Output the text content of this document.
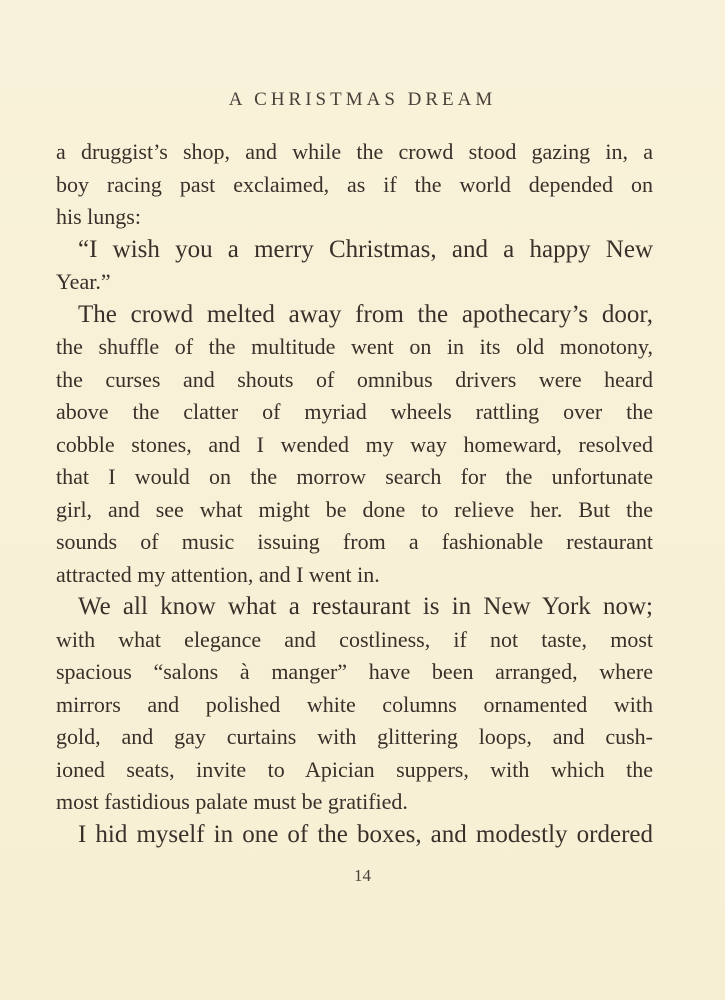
A CHRISTMAS DREAM
a druggist’s shop, and while the crowd stood gazing in, a
boy racing past exclaimed, as if the world depended on
his lungs:
“I wish you a merry Christmas, and a happy New
Year.”
The crowd melted away from the apothecary’s door,
the shuffle of the multitude went on in its old monotony,
the curses and shouts of omnibus drivers were heard
above the clatter of myriad wheels rattling over the
cobble stones, and I wended my way homeward, resolved
that I would on the morrow search for the unfortunate
girl, and see what might be done to relieve her. But the
sounds of music issuing from a fashionable restaurant
attracted my attention, and I went in.
We all know what a restaurant is in New York now;
with what elegance and costliness, if not taste, most
spacious “salons à manger” have been arranged, where
mirrors and polished white columns ornamented with
gold, and gay curtains with glittering loops, and cush-
ioned seats, invite to Apician suppers, with which the
most fastidious palate must be gratified.
I hid myself in one of the boxes, and modestly ordered
14
